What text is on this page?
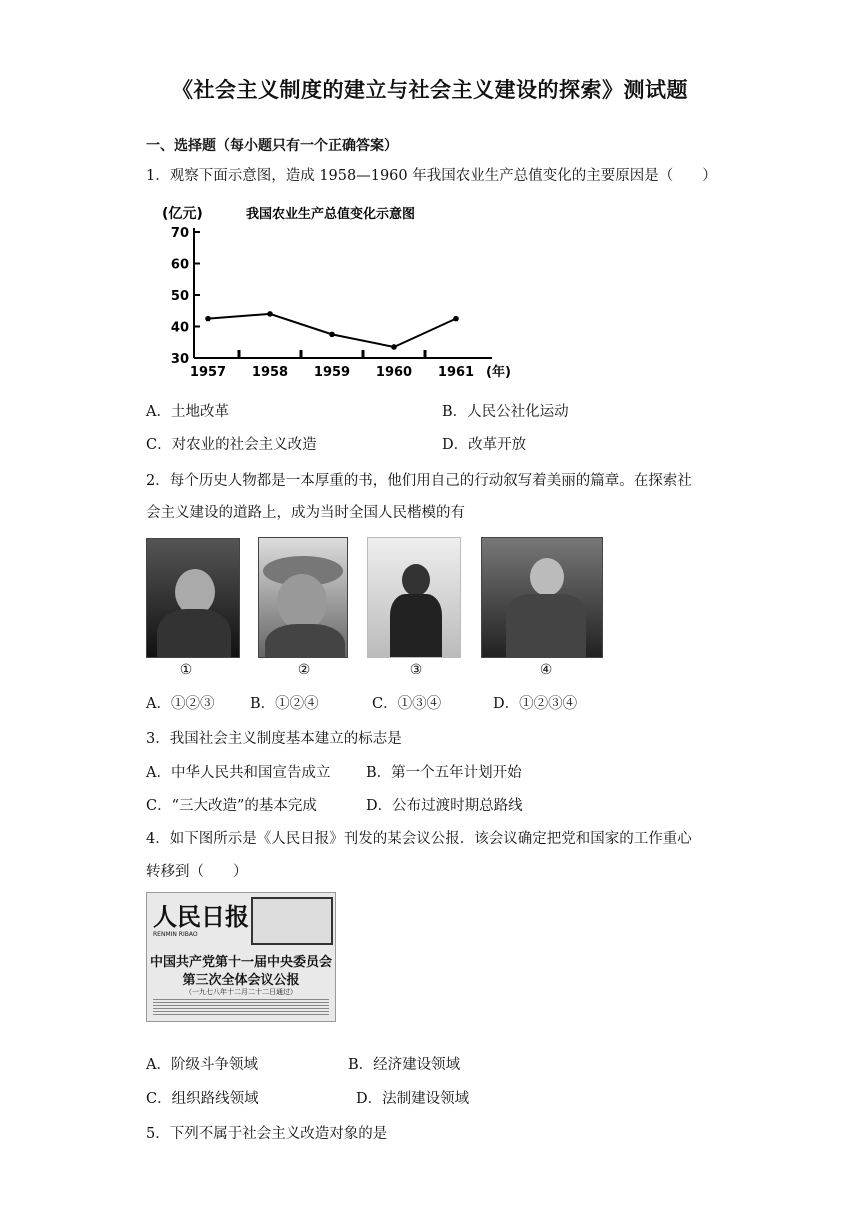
《社会主义制度的建立与社会主义建设的探索》测试题
一、选择题（每小题只有一个正确答案）
1．观察下面示意图，造成 1958—1960 年我国农业生产总值变化的主要原因是（　　）
(亿元)	我国农业生产总值变化示意图
70
60
50
40
30
1957 1958 1959 1960 1961 (年)
A．土地改革	B．人民公社化运动
C．对农业的社会主义改造	D．改革开放
2．每个历史人物都是一本厚重的书，他们用自己的行动叙写着美丽的篇章。在探索社
会主义建设的道路上，成为当时全国人民楷模的有
①	②	③	④
A．①②③ B．①②④	C．①③④	D．①②③④
3．我国社会主义制度基本建立的标志是
A．中华人民共和国宣告成立 B．第一个五年计划开始
C．“三大改造”的基本完成	D．公布过渡时期总路线
4．如下图所示是《人民日报》刊发的某会议公报．该会议确定把党和国家的工作重心
转移到（　　）
人民日报
RENMIN RIBAO
中国共产党第十一届中央委员会
第三次全体会议公报
（一九七八年十二月二十二日通过）
A．阶级斗争领域	B．经济建设领域
C．组织路线领域	D．法制建设领域
5．下列不属于社会主义改造对象的是
